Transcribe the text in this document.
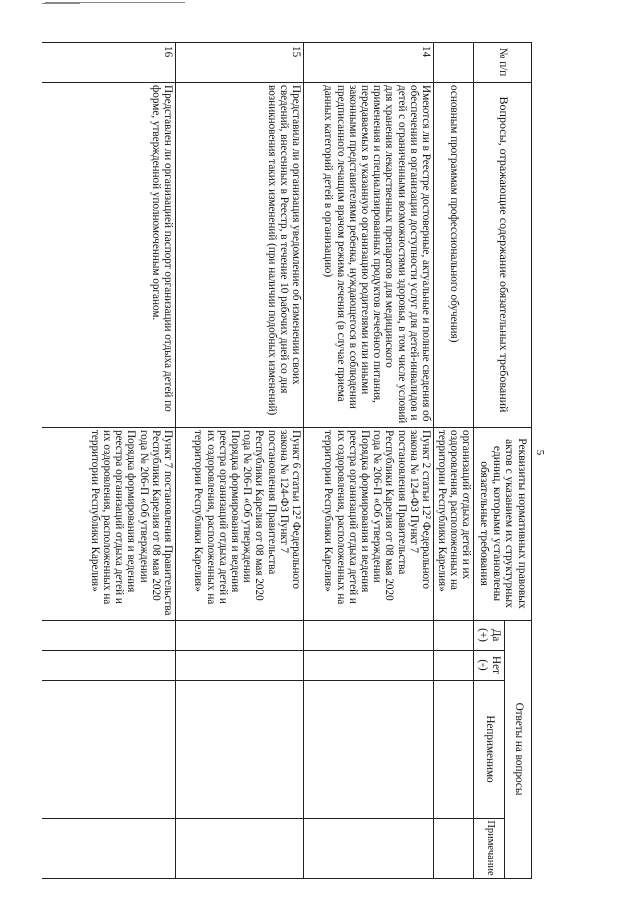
5
№ п/п
Вопросы, отражающие содержание обязательных требований
Реквизиты нормативных правовых актов с указанием их структурных единиц, которыми установлены обязательные требования
Ответы на вопросы
Да (+)
Нет (-)
Неприменимо
Примечание
основным программам профессионального обучения)
организаций отдыха детей и их оздоровления, расположенных на территории Республики Карелия»
14
Имеются ли в Реестре достоверные, актуальные и полные сведения об обеспечении в организации доступности услуг для детей-инвалидов и детей с ограниченными возможностями здоровья, в том числе условий для хранения лекарственных препаратов для медицинского применения и специализированных продуктов лечебного питания, передаваемых в указанную организацию родителями или иными законными представителями ребенка, нуждающегося в соблюдении предписанного лечащим врачом режима лечения (в случае приема данных категорий детей в организацию)
Пункт 2 статьи 12² Федерального закона № 124-ФЗ Пункт 7 постановления Правительства Республики Карелия от 08 мая 2020 года № 206-П «Об утверждении Порядка формирования и ведения реестра организаций отдыха детей и их оздоровления, расположенных на территории Республики Карелия»
15
Представила ли организация уведомление об изменении своих сведений, внесенных в Реестр, в течение 10 рабочих дней со дня возникновения таких изменений (при наличии подобных изменений)
Пункт 6 статьи 12² Федерального закона № 124-ФЗ Пункт 7 постановления Правительства Республики Карелия от 08 мая 2020 года № 206-П «Об утверждении Порядка формирования и ведения реестра организаций отдыха детей и их оздоровления, расположенных на территории Республики Карелия»
16
Представлен ли организацией паспорт организации отдыха детей по форме, утвержденной уполномоченным органом.
Пункт 7 постановления Правительства Республики Карелия от 08 мая 2020 года № 206-П «Об утверждении Порядка формирования и ведения реестра организаций отдыха детей и их оздоровления, расположенных на территории Республики Карелия»
